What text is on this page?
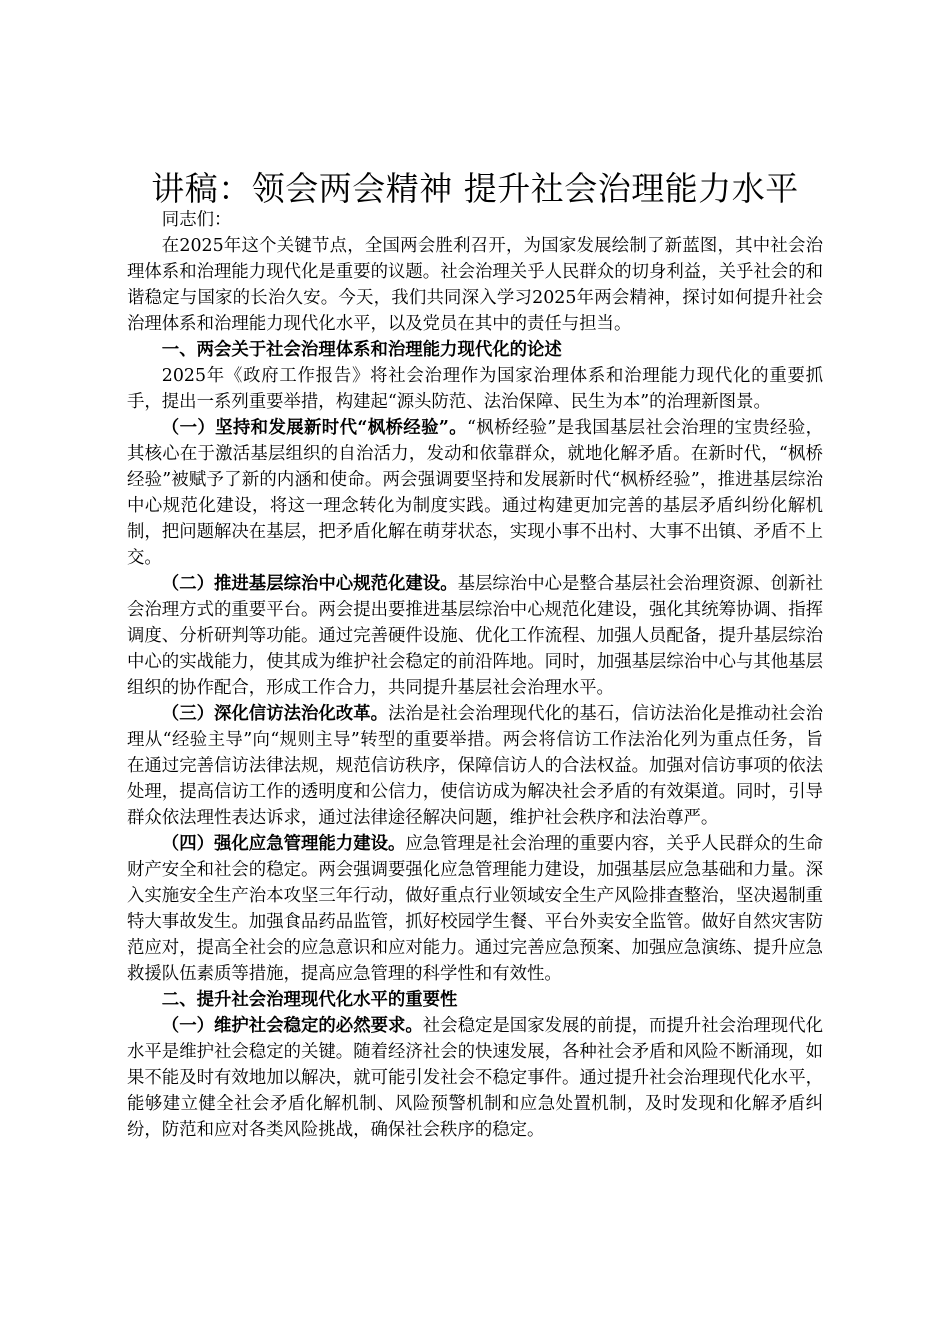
讲稿：领会两会精神 提升社会治理能力水平

同志们：

在2025年这个关键节点，全国两会胜利召开，为国家发展绘制了新蓝图，其中社会治理体系和治理能力现代化是重要的议题。社会治理关乎人民群众的切身利益，关乎社会的和谐稳定与国家的长治久安。今天，我们共同深入学习2025年两会精神，探讨如何提升社会治理体系和治理能力现代化水平，以及党员在其中的责任与担当。

一、两会关于社会治理体系和治理能力现代化的论述

2025年《政府工作报告》将社会治理作为国家治理体系和治理能力现代化的重要抓手，提出一系列重要举措，构建起“源头防范、法治保障、民生为本”的治理新图景。

（一）坚持和发展新时代“枫桥经验”。“枫桥经验”是我国基层社会治理的宝贵经验，其核心在于激活基层组织的自治活力，发动和依靠群众，就地化解矛盾。在新时代，“枫桥经验”被赋予了新的内涵和使命。两会强调要坚持和发展新时代“枫桥经验”，推进基层综治中心规范化建设，将这一理念转化为制度实践。通过构建更加完善的基层矛盾纠纷化解机制，把问题解决在基层，把矛盾化解在萌芽状态，实现小事不出村、大事不出镇、矛盾不上交。

（二）推进基层综治中心规范化建设。基层综治中心是整合基层社会治理资源、创新社会治理方式的重要平台。两会提出要推进基层综治中心规范化建设，强化其统筹协调、指挥调度、分析研判等功能。通过完善硬件设施、优化工作流程、加强人员配备，提升基层综治中心的实战能力，使其成为维护社会稳定的前沿阵地。同时，加强基层综治中心与其他基层组织的协作配合，形成工作合力，共同提升基层社会治理水平。

（三）深化信访法治化改革。法治是社会治理现代化的基石，信访法治化是推动社会治理从“经验主导”向“规则主导”转型的重要举措。两会将信访工作法治化列为重点任务，旨在通过完善信访法律法规，规范信访秩序，保障信访人的合法权益。加强对信访事项的依法处理，提高信访工作的透明度和公信力，使信访成为解决社会矛盾的有效渠道。同时，引导群众依法理性表达诉求，通过法律途径解决问题，维护社会秩序和法治尊严。

（四）强化应急管理能力建设。应急管理是社会治理的重要内容，关乎人民群众的生命财产安全和社会的稳定。两会强调要强化应急管理能力建设，加强基层应急基础和力量。深入实施安全生产治本攻坚三年行动，做好重点行业领域安全生产风险排查整治，坚决遏制重特大事故发生。加强食品药品监管，抓好校园学生餐、平台外卖安全监管。做好自然灾害防范应对，提高全社会的应急意识和应对能力。通过完善应急预案、加强应急演练、提升应急救援队伍素质等措施，提高应急管理的科学性和有效性。

二、提升社会治理现代化水平的重要性

（一）维护社会稳定的必然要求。社会稳定是国家发展的前提，而提升社会治理现代化水平是维护社会稳定的关键。随着经济社会的快速发展，各种社会矛盾和风险不断涌现，如果不能及时有效地加以解决，就可能引发社会不稳定事件。通过提升社会治理现代化水平，能够建立健全社会矛盾化解机制、风险预警机制和应急处置机制，及时发现和化解矛盾纠纷，防范和应对各类风险挑战，确保社会秩序的稳定。
